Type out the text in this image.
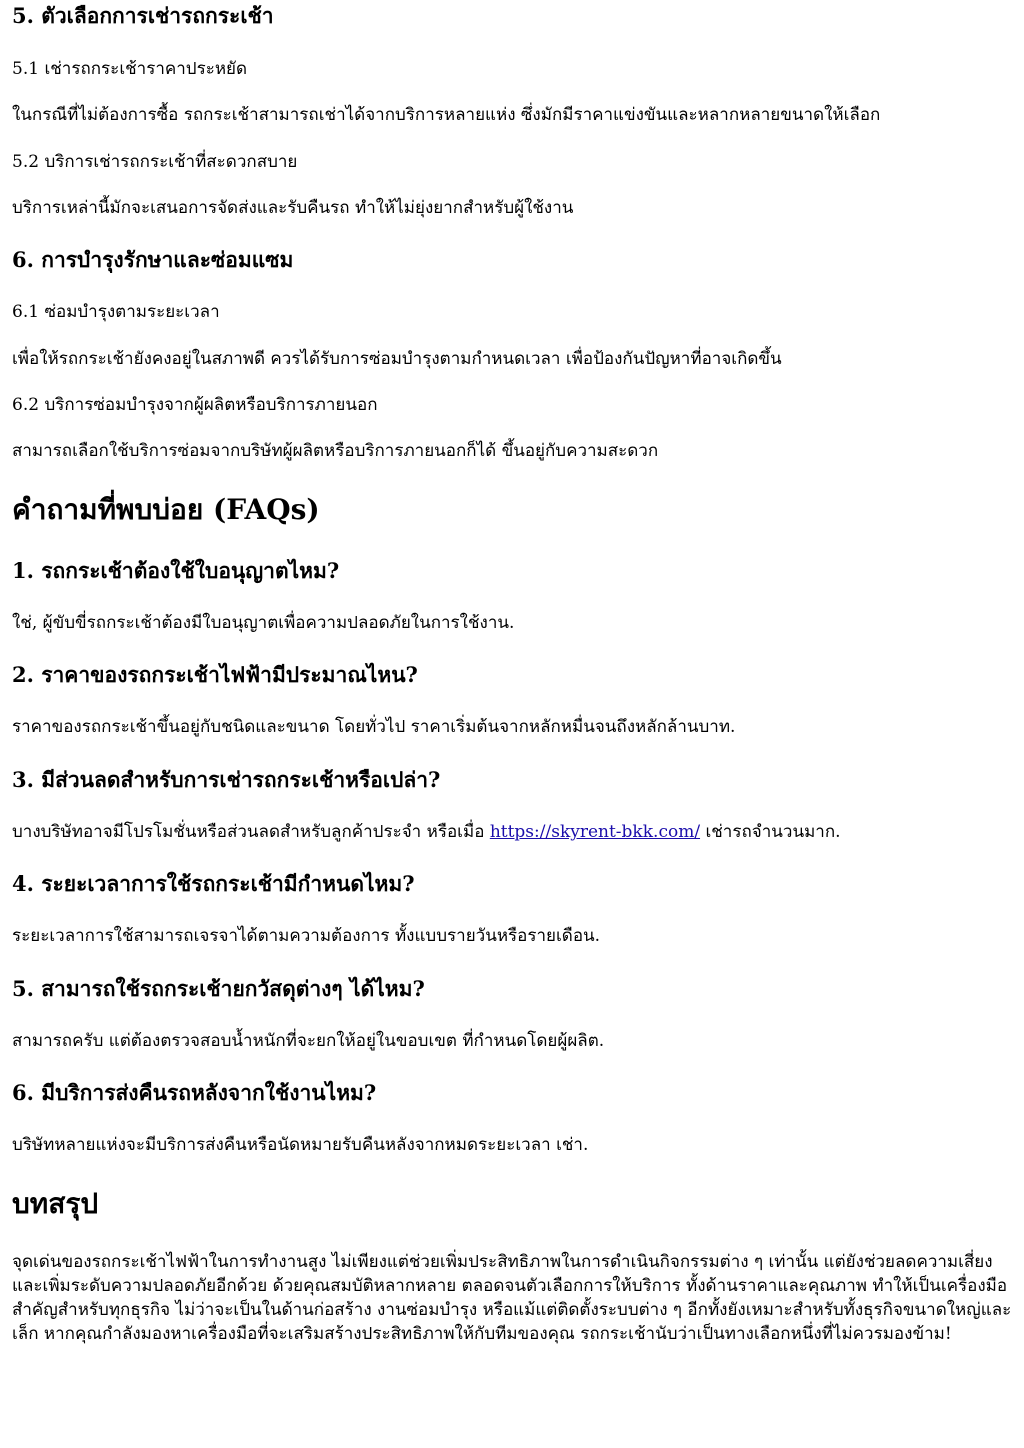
5. ตัวเลือกการเช่ารถกระเช้า

5.1 เช่ารถกระเช้าราคาประหยัด

ในกรณีที่ไม่ต้องการซื้อ รถกระเช้าสามารถเช่าได้จากบริการหลายแห่ง ซึ่งมักมีราคาแข่งขันและหลากหลายขนาดให้เลือก

5.2 บริการเช่ารถกระเช้าที่สะดวกสบาย

บริการเหล่านี้มักจะเสนอการจัดส่งและรับคืนรถ ทำให้ไม่ยุ่งยากสำหรับผู้ใช้งาน

6. การบำรุงรักษาและซ่อมแซม

6.1 ซ่อมบำรุงตามระยะเวลา

เพื่อให้รถกระเช้ายังคงอยู่ในสภาพดี ควรได้รับการซ่อมบำรุงตามกำหนดเวลา เพื่อป้องกันปัญหาที่อาจเกิดขึ้น

6.2 บริการซ่อมบำรุงจากผู้ผลิตหรือบริการภายนอก

สามารถเลือกใช้บริการซ่อมจากบริษัทผู้ผลิตหรือบริการภายนอกก็ได้ ขึ้นอยู่กับความสะดวก

คำถามที่พบบ่อย (FAQs)
1. รถกระเช้าต้องใช้ใบอนุญาตไหม?

ใช่, ผู้ขับขี่รถกระเช้าต้องมีใบอนุญาตเพื่อความปลอดภัยในการใช้งาน.

2. ราคาของรถกระเช้าไฟฟ้ามีประมาณไหน?

ราคาของรถกระเช้าขึ้นอยู่กับชนิดและขนาด โดยทั่วไป ราคาเริ่มต้นจากหลักหมื่นจนถึงหลักล้านบาท.

3. มีส่วนลดสำหรับการเช่ารถกระเช้าหรือเปล่า?

บางบริษัทอาจมีโปรโมชั่นหรือส่วนลดสำหรับลูกค้าประจำ หรือเมื่อ https://skyrent-bkk.com/ เช่ารถจำนวนมาก.

4. ระยะเวลาการใช้รถกระเช้ามีกำหนดไหม?

ระยะเวลาการใช้สามารถเจรจาได้ตามความต้องการ ทั้งแบบรายวันหรือรายเดือน.

5. สามารถใช้รถกระเช้ายกวัสดุต่างๆ ได้ไหม?

สามารถครับ แต่ต้องตรวจสอบน้ำหนักที่จะยกให้อยู่ในขอบเขต ที่กำหนดโดยผู้ผลิต.

6. มีบริการส่งคืนรถหลังจากใช้งานไหม?

บริษัทหลายแห่งจะมีบริการส่งคืนหรือนัดหมายรับคืนหลังจากหมดระยะเวลา เช่า.

บทสรุป

จุดเด่นของรถกระเช้าไฟฟ้าในการทำงานสูง ไม่เพียงแต่ช่วยเพิ่มประสิทธิภาพในการดำเนินกิจกรรมต่าง ๆ เท่านั้น แต่ยังช่วยลดความเสี่ยงและเพิ่มระดับความปลอดภัยอีกด้วย ด้วยคุณสมบัติหลากหลาย ตลอดจนตัวเลือกการให้บริการ ทั้งด้านราคาและคุณภาพ ทำให้เป็นเครื่องมือสำคัญสำหรับทุกธุรกิจ ไม่ว่าจะเป็นในด้านก่อสร้าง งานซ่อมบำรุง หรือแม้แต่ติดตั้งระบบต่าง ๆ อีกทั้งยังเหมาะสำหรับทั้งธุรกิจขนาดใหญ่และเล็ก หากคุณกำลังมองหาเครื่องมือที่จะเสริมสร้างประสิทธิภาพให้กับทีมของคุณ รถกระเช้านับว่าเป็นทางเลือกหนึ่งที่ไม่ควรมองข้าม!
